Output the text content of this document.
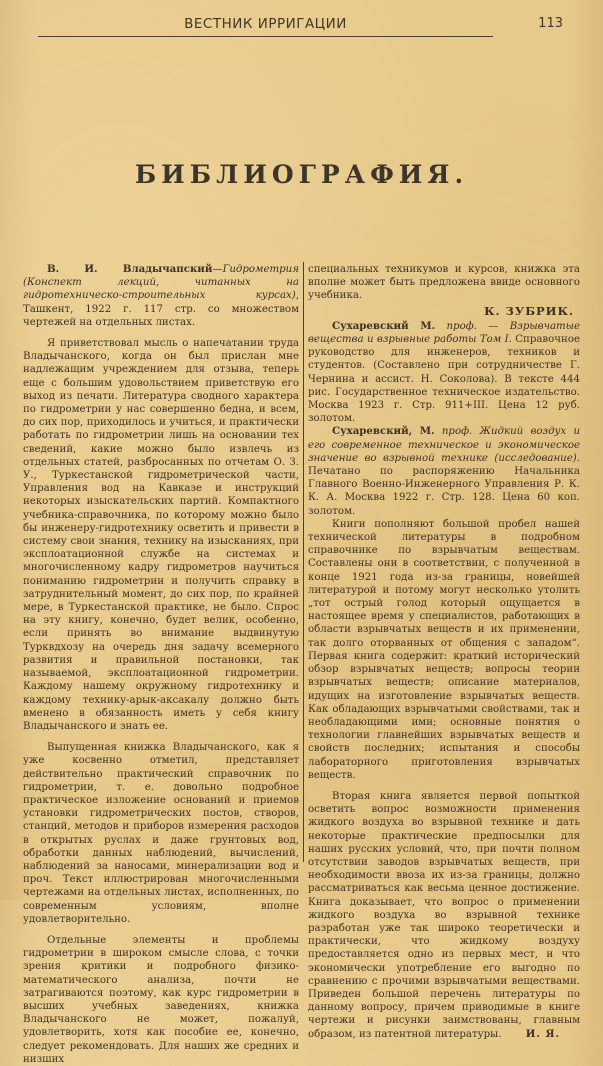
ВЕСТНИК ИРРИГАЦИИ	113
БИБЛИОГРАФИЯ.

В. И. Владычапский—Гидрометрия (Конспект лекций, читанных на гидротехническо-строительных курсах), Ташкент, 1922 г. 117 стр. со множеством чертежей на отдельных листах.

Я приветствовал мысль о напечатании труда Владычанского, когда он был прислан мне надлежащим учреждением для отзыва, теперь еще с большим удовольствием приветствую его выход из печати. Литература сводного характера по гидрометрии у нас совершенно бедна, и всем, до сих пор, приходилось и учиться, и практически работать по гидрометрии лишь на основании тех сведений, какие можно было извлечь из отдельных статей, разбросанных по отчетам О. З. У., Туркестанской гидрометрической части, Управления вод на Кавказе и инструкций некоторых изыскательских партий. Компактного учебника-справочника, по которому можно было бы инженеру-гидротехнику осветить и привести в систему свои знания, технику на изысканиях, при эксплоатационной службе на системах и многочисленному кадру гидрометров научиться пониманию гидрометрии и получить справку в затруднительный момент, до сих пор, по крайней мере, в Туркестанской практике, не было. Спрос на эту книгу, конечно, будет велик, особенно, если принять во внимание выдвинутую Турквдхозу на очередь дня задачу всемерного развития и правильной постановки, так называемой, эксплоатационной гидрометрии. Каждому нашему окружному гидротехнику и каждому технику-арык-аксакалу должно быть вменено в обязанность иметь у себя книгу Владычанского и знать ее.

Выпущенная книжка Владычанского, как я уже косвенно отметил, представляет действительно практический справочник по гидрометрии, т. е. довольно подробное практическое изложение оснований и приемов установки гидрометрических постов, створов, станций, методов и приборов измерения расходов в открытых руслах и даже грунтовых вод, обработки данных наблюдений, вычислений, наблюдений за наносами, минерализации вод и проч. Текст иллюстрирован многочисленными чертежами на отдельных листах, исполненных, по современным условиям, вполне удовлетворительно.

Отдельные элементы и проблемы гидрометрии в широком смысле слова, с точки зрения критики и подробного физико-математического анализа, почти не затрагиваются поэтому, как курс гидрометрии в высших учебных заведениях, книжка Владычанского не может, пожалуй, удовлетворить, хотя как пособие ее, конечно, следует рекомендовать. Для наших же средних и низших

специальных техникумов и курсов, книжка эта вполне может быть предложена ввиде основного учебника.

К. ЗУБРИК.

Сухаревский М. проф. — Взрывчатые вещества и взрывные работы Том I. Справочное руководство для инженеров, техников и студентов. (Составлено при сотрудничестве Г. Чернина и ассист. Н. Соколова). В тексте 444 рис. Государственное техническое издательство. Москва 1923 г. Стр. 911+III. Цена 12 руб. золотом.

Сухаревский, М. проф. Жидкий воздух и его современное техническое и экономическое значение во взрывной технике (исследование). Печатано по распоряжению Начальника Главного Военно-Инженерного Управления Р. К. К. А. Москва 1922 г. Стр. 128. Цена 60 коп. золотом.

Книги пополняют большой пробел нашей технической литературы в подробном справочнике по взрывчатым веществам. Составлены они в соответствии, с полученной в конце 1921 года из-за границы, новейшей литературой и потому могут несколько утолить „тот острый голод который ощущается в настоящее время у специалистов, работающих в области взрывчатых веществ и их применении, так долго оторванных от общения с западом“. Первая книга содержит: краткий исторический обзор взрывчатых веществ; вопросы теории взрывчатых веществ; описание материалов, идущих на изготовление взрывчатых веществ. Как обладающих взрывчатыми свойствами, так и необладающими ими; основные понятия о технологии главнейших взрывчатых веществ и свойств последних; испытания и способы лабораторного приготовления взрывчатых веществ.

Вторая книга является первой попыткой осветить вопрос возможности применения жидкого воздуха во взрывной технике и дать некоторые практические предпосылки для наших русских условий, что, при почти полном отсутствии заводов взрывчатых веществ, при необходимости ввоза их из-за границы, должно рассматриваться как весьма ценное достижение. Книга доказывает, что вопрос о применении жидкого воздуха во взрывной технике разработан уже так широко теоретически и практически, что жидкому воздуху предоставляется одно из первых мест, и что экономически употребление его выгодно по сравнению с прочими взрывчатыми веществами. Приведен большой перечень литературы по данному вопросу, причем приводимые в книге чертежи и рисунки заимствованы, главным образом, из патентной литературы.	И. Я.
